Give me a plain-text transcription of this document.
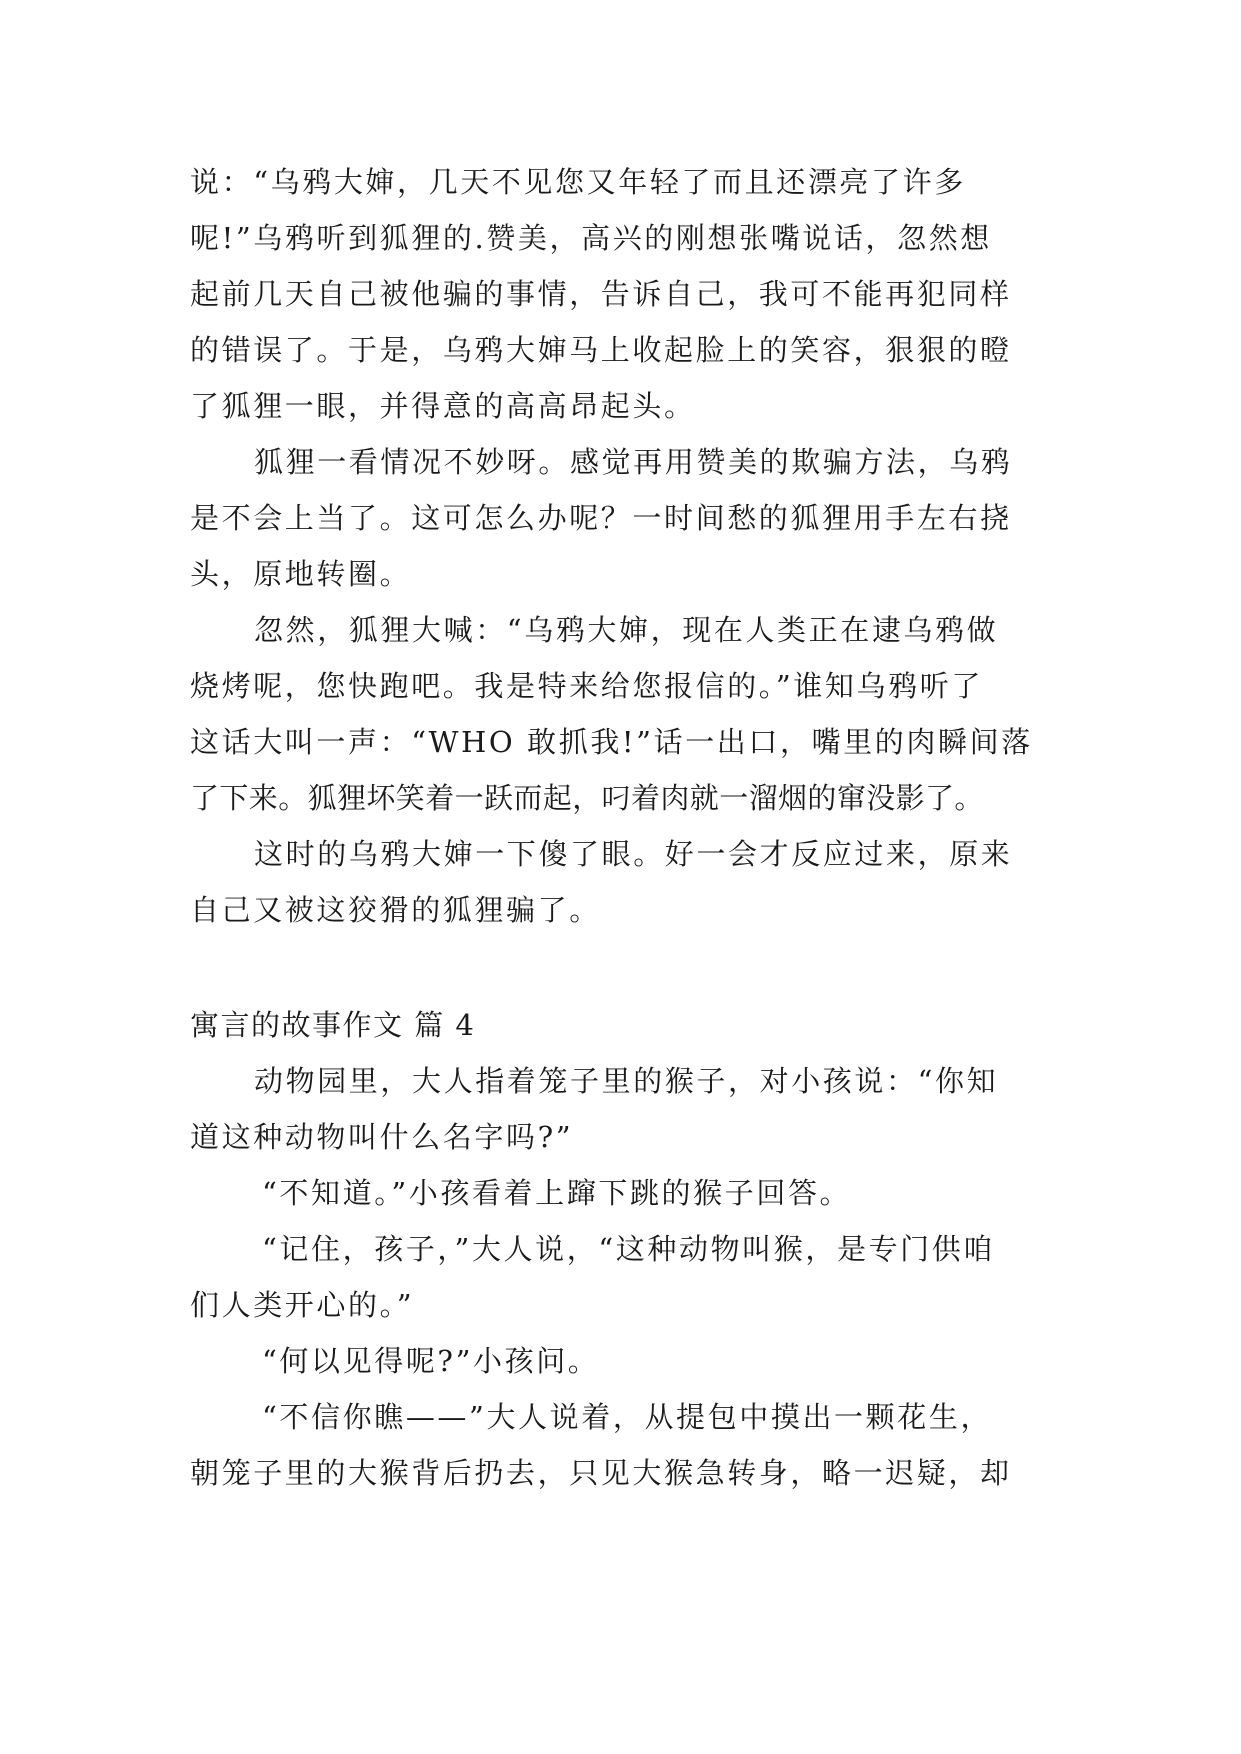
说：“乌鸦大婶，几天不见您又年轻了而且还漂亮了许多
呢!”乌鸦听到狐狸的.赞美，高兴的刚想张嘴说话，忽然想
起前几天自己被他骗的事情，告诉自己，我可不能再犯同样
的错误了。于是，乌鸦大婶马上收起脸上的笑容，狠狠的瞪
了狐狸一眼，并得意的高高昂起头。
狐狸一看情况不妙呀。感觉再用赞美的欺骗方法，乌鸦
是不会上当了。这可怎么办呢？一时间愁的狐狸用手左右挠
头，原地转圈。
忽然，狐狸大喊：“乌鸦大婶，现在人类正在逮乌鸦做
烧烤呢，您快跑吧。我是特来给您报信的。”谁知乌鸦听了
这话大叫一声：“WHO 敢抓我!”话一出口，嘴里的肉瞬间落
了下来。狐狸坏笑着一跃而起，叼着肉就一溜烟的窜没影了。
这时的乌鸦大婶一下傻了眼。好一会才反应过来，原来
自己又被这狡猾的狐狸骗了。
寓言的故事作文 篇 4
动物园里，大人指着笼子里的猴子，对小孩说：“你知
道这种动物叫什么名字吗?”
“不知道。”小孩看着上蹿下跳的猴子回答。
“记住，孩子，”大人说，“这种动物叫猴，是专门供咱
们人类开心的。”
“何以见得呢?”小孩问。
“不信你瞧——”大人说着，从提包中摸出一颗花生，
朝笼子里的大猴背后扔去，只见大猴急转身，略一迟疑，却
